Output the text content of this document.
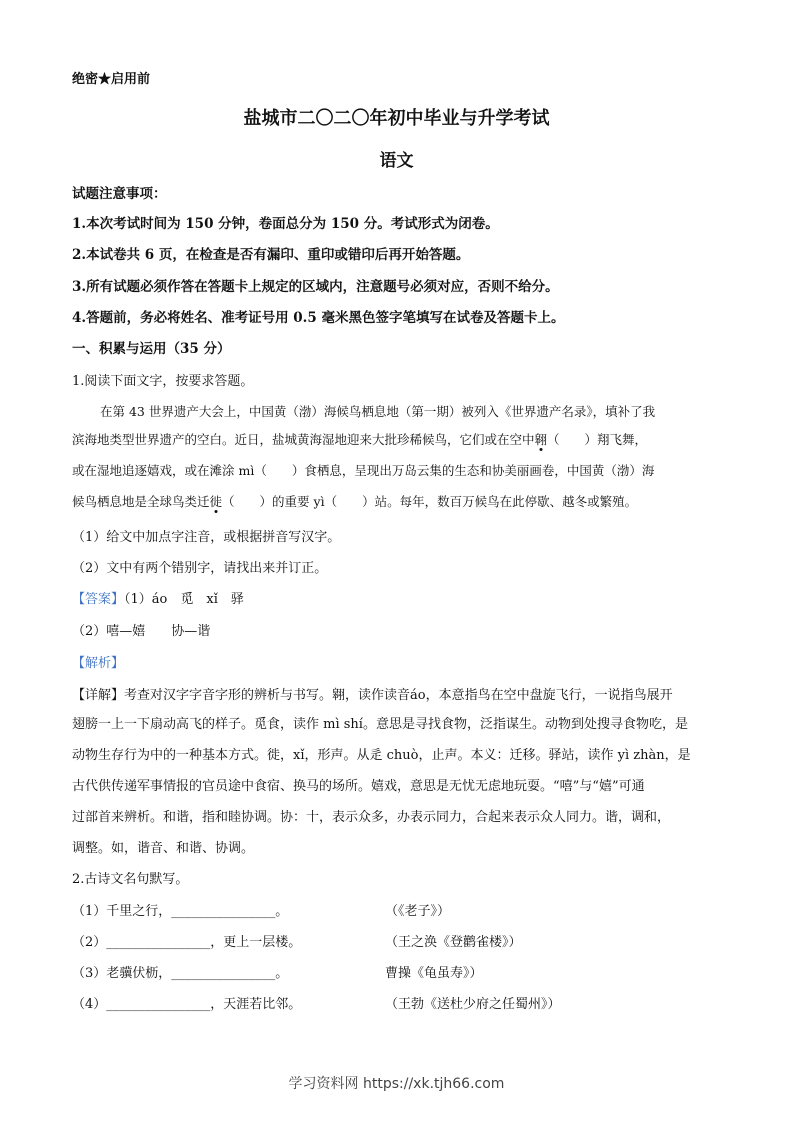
绝密★启用前
盐城市二〇二〇年初中毕业与升学考试
语文
试题注意事项：
1.本次考试时间为 150 分钟，卷面总分为 150 分。考试形式为闭卷。
2.本试卷共 6 页，在检查是否有漏印、重印或错印后再开始答题。
3.所有试题必须作答在答题卡上规定的区域内，注意题号必须对应，否则不给分。
4.答题前，务必将姓名、准考证号用 0.5 毫米黑色签字笔填写在试卷及答题卡上。
一、积累与运用（35 分）
1.阅读下面文字，按要求答题。
在第 43 世界遗产大会上，中国黄（渤）海候鸟栖息地（第一期）被列入《世界遗产名录》，填补了我
滨海地类型世界遗产的空白。近日，盐城黄海湿地迎来大批珍稀候鸟，它们或在空中翱（　　）翔飞舞，
或在湿地追逐嬉戏，或在滩涂 mì（　　）食栖息，呈现出万岛云集的生态和协美丽画卷，中国黄（渤）海
候鸟栖息地是全球鸟类迁徙（　　）的重要 yì（　　）站。每年，数百万候鸟在此停歇、越冬或繁殖。
（1）给文中加点字注音，或根据拼音写汉字。
（2）文中有两个错别字，请找出来并订正。
【答案】（1）áo　觅　xǐ　驿
（2）嘻—嬉　　协—谐
【解析】
【详解】考查对汉字字音字形的辨析与书写。翱，读作读音áo，本意指鸟在空中盘旋飞行，一说指鸟展开
翅膀一上一下扇动高飞的样子。觅食，读作 mì shí。意思是寻找食物，泛指谋生。动物到处搜寻食物吃，是
动物生存行为中的一种基本方式。徙，xǐ，形声。从辵 chuò，止声。本义：迁移。驿站，读作 yì zhàn，是
古代供传递军事情报的官员途中食宿、换马的场所。嬉戏，意思是无忧无虑地玩耍。“嘻”与“嬉”可通
过部首来辨析。和谐，指和睦协调。协：十，表示众多，办表示同力，合起来表示众人同力。谐，调和，
调整。如，谐音、和谐、协调。
2.古诗文名句默写。
（1）千里之行，________________。	（《老子》）
（2）________________，更上一层楼。	（王之涣《登鹳雀楼》）
（3）老骥伏枥，________________。	曹操《龟虽寿》）
（4）________________，天涯若比邻。	（王勃《送杜少府之任蜀州》）
学习资料网 https://xk.tjh66.com
